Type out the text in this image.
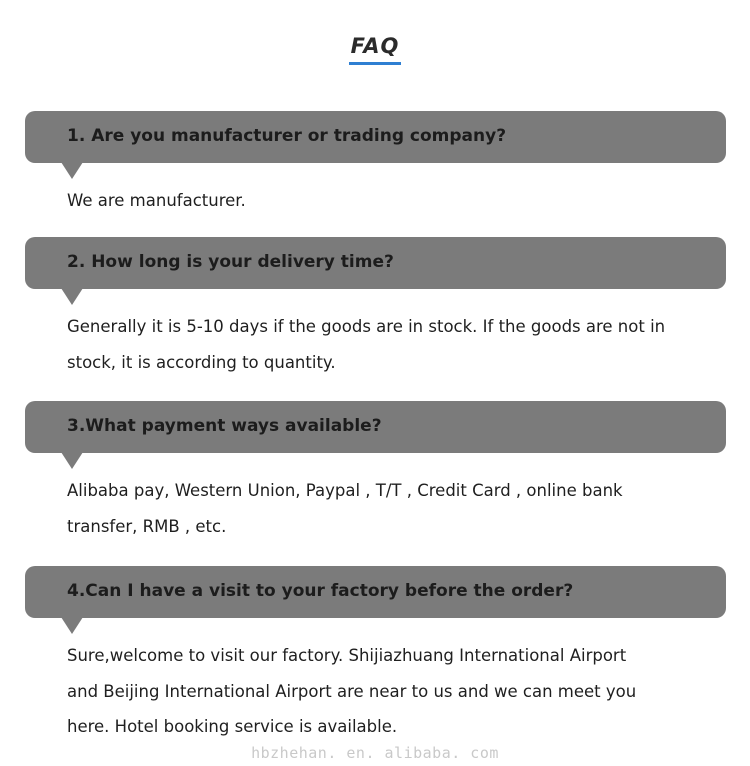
FAQ
1. Are you manufacturer or trading company?
We are manufacturer.
2. How long is your delivery time?
Generally it is 5-10 days if the goods are in stock. If the goods are not in
stock, it is according to quantity.
3.What payment ways available?
Alibaba pay, Western Union, Paypal , T/T , Credit Card , online bank
transfer, RMB , etc.
4.Can I have a visit to your factory before the order?
Sure,welcome to visit our factory. Shijiazhuang International Airport
and Beijing International Airport are near to us and we can meet you
here. Hotel booking service is available.
hbzhehan. en. alibaba. com
